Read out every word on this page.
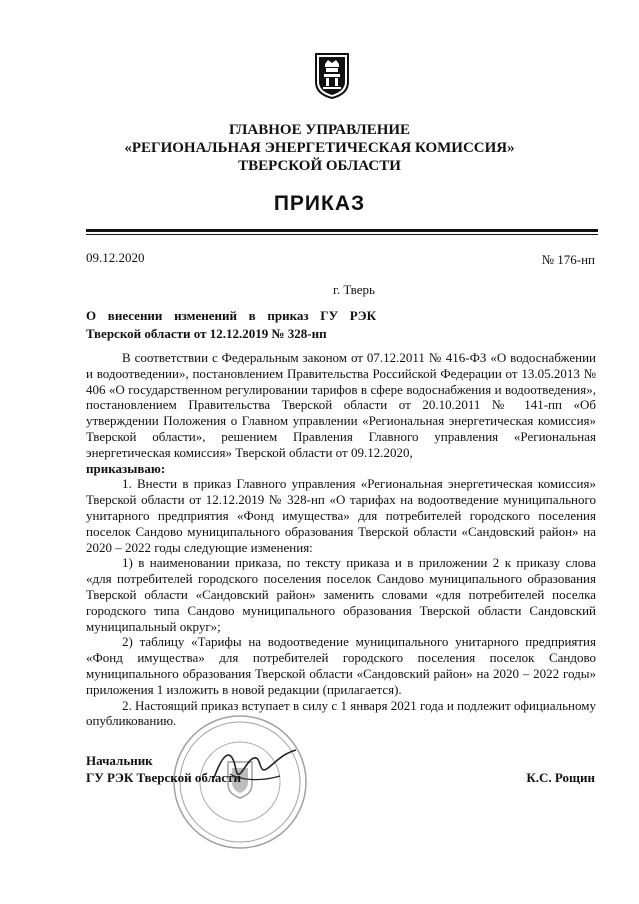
ГЛАВНОЕ УПРАВЛЕНИЕ
«РЕГИОНАЛЬНАЯ ЭНЕРГЕТИЧЕСКАЯ КОМИССИЯ»
ТВЕРСКОЙ ОБЛАСТИ
ПРИКАЗ
09.12.2020	№ 176-нп
г. Тверь
О внесении изменений в приказ ГУ РЭК Тверской области от 12.12.2019 № 328-нп

В соответствии с Федеральным законом от 07.12.2011 № 416-ФЗ «О водоснабжении и водоотведении», постановлением Правительства Российской Федерации от 13.05.2013 № 406 «О государственном регулировании тарифов в сфере водоснабжения и водоотведения», постановлением Правительства Тверской области от 20.10.2011 № 141-пп «Об утверждении Положения о Главном управлении «Региональная энергетическая комиссия» Тверской области», решением Правления Главного управления «Региональная энергетическая комиссия» Тверской области от 09.12.2020,

приказываю:

1. Внести в приказ Главного управления «Региональная энергетическая комиссия» Тверской области от 12.12.2019 № 328-нп «О тарифах на водоотведение муниципального унитарного предприятия «Фонд имущества» для потребителей городского поселения поселок Сандово муниципального образования Тверской области «Сандовский район» на 2020 – 2022 годы следующие изменения:

1) в наименовании приказа, по тексту приказа и в приложении 2 к приказу слова «для потребителей городского поселения поселок Сандово муниципального образования Тверской области «Сандовский район» заменить словами «для потребителей поселка городского типа Сандово муниципального образования Тверской области Сандовский муниципальный округ»;

2) таблицу «Тарифы на водоотведение муниципального унитарного предприятия «Фонд имущества» для потребителей городского поселения поселок Сандово муниципального образования Тверской области «Сандовский район» на 2020 – 2022 годы» приложения 1 изложить в новой редакции (прилагается).

2. Настоящий приказ вступает в силу с 1 января 2021 года и подлежит официальному опубликованию.

Начальник
ГУ РЭК Тверской области	К.С. Рощин
